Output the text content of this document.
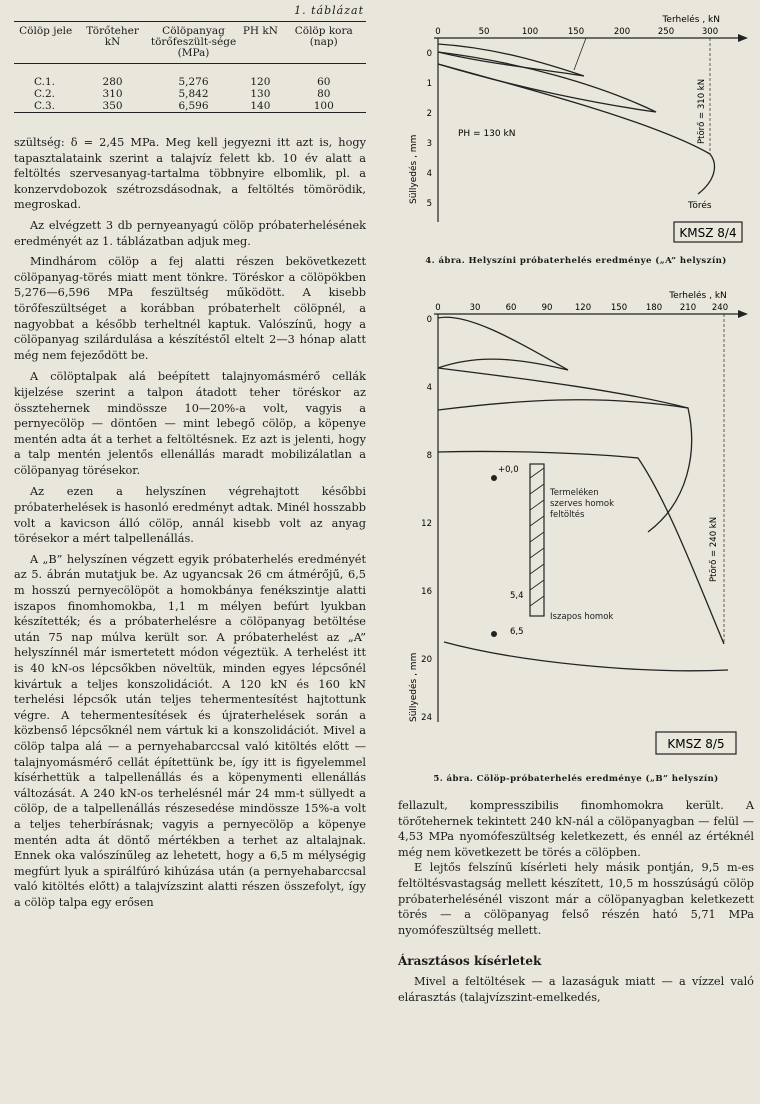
1. táblázat
Cölöp jele	Törőteher kN	Cölöpanyag törőfeszült-sége (MPa)	PH kN	Cölöp kora (nap)
C.1.	280	5,276	120	60
C.2.	310	5,842	130	80
C.3.	350	6,596	140	100

szültség: δ = 2,45 MPa. Meg kell jegyezni itt azt is, hogy tapasztalataink szerint a talajvíz felett kb. 10 év alatt a feltöltés szervesanyag-tartalma többnyire elbomlik, pl. a konzervdobozok szétrozsdásodnak, a feltöltés tömörödik, megroskad.

Az elvégzett 3 db pernyeanyagú cölöp próbaterhelésének eredményét az 1. táblázatban adjuk meg.

Mindhárom cölöp a fej alatti részen bekövetkezett cölöpanyag-törés miatt ment tönkre. Töréskor a cölöpökben 5,276—6,596 MPa feszültség működött. A kisebb törőfeszültséget a korábban próbaterhelt cölöpnél, a nagyobbat a később terheltnél kaptuk. Valószínű, hogy a cölöpanyag szilárdulása a készítéstől eltelt 2—3 hónap alatt még nem fejeződött be.

A cölöptalpak alá beépített talajnyomásmérő cellák kijelzése szerint a talpon átadott teher töréskor az össztehernek mindössze 10—20%-a volt, vagyis a pernyecölöp — döntően — mint lebegő cölöp, a köpenye mentén adta át a terhet a feltöltésnek. Ez azt is jelenti, hogy a talp mentén jelentős ellenállás maradt mobilizálatlan a cölöpanyag törésekor.

Az ezen a helyszínen végrehajtott későbbi próbaterhelések is hasonló eredményt adtak. Minél hosszabb volt a kavicson álló cölöp, annál kisebb volt az anyag törésekor a mért talpellenállás.

A „B” helyszínen végzett egyik próbaterhelés eredményét az 5. ábrán mutatjuk be. Az ugyancsak 26 cm átmérőjű, 6,5 m hosszú pernyecölöpöt a homokbánya fenékszintje alatti iszapos finomhomokba, 1,1 m mélyen befúrt lyukban készítették; és a próbaterhelésre a cölöpanyag betöltése után 75 nap múlva került sor. A próbaterhelést az „A” helyszínnél már ismertetett módon végeztük. A terhelést itt is 40 kN-os lépcsőkben növeltük, minden egyes lépcsőnél kivártuk a teljes konszolidációt. A 120 kN és 160 kN terhelési lépcsők után teljes tehermentesítést hajtottunk végre. A tehermentesítések és újraterhelések során a közbenső lépcsőknél nem vártuk ki a konszolidációt. Mivel a cölöp talpa alá — a pernyehabarccsal való kitöltés előtt — talajnyomásmérő cellát építettünk be, így itt is figyelemmel kísérhettük a talpellenállás és a köpenymenti ellenállás változását. A 240 kN-os terhelésnél már 24 mm-t süllyedt a cölöp, de a talpellenállás részesedése mindössze 15%-a volt a teljes teherbírásnak; vagyis a pernyecölöp a köpenye mentén adta át döntő mértékben a terhet az altalajnak. Ennek oka valószínűleg az lehetett, hogy a 6,5 m mélységig megfúrt lyuk a spirálfúró kihúzása után (a pernyehabarccsal való kitöltés előtt) a talajvízszint alatti részen összefolyt, így a cölöp talpa egy erősen

Terhelés , kN
0	50	100	150	200	250	300
0
1
2
3
4
5
Süllyedés , mm
PH = 130 kN	Ptörő = 310 kN
Törés
KMSZ 8/4
4. ábra. Helyszíni próbaterhelés eredménye („A” helyszín)
Terhelés , kN
0	30	60	90	120 150 180 210 240
0
4
8
12
16
20
24
Süllyedés , mm
Ptörő = 240 kN
+0,0
5,4
6,5
Termeléken szerves homok feltöltés
Iszapos homok
KMSZ 8/5
5. ábra. Cölöp-próbaterhelés eredménye („B” helyszín)

fellazult, kompresszibilis finomhomokra került. A törőtehernek tekintett 240 kN-nál a cölöpanyagban — felül — 4,53 MPa nyomófeszültség keletkezett, és ennél az értéknél még nem következett be törés a cölöpben.

E lejtős felszínű kísérleti hely másik pontján, 9,5 m-es feltöltésvastagság mellett készített, 10,5 m hosszúságú cölöp próbaterhelésénél viszont már a cölöpanyagban keletkezett törés — a cölöpanyag felső részén ható 5,71 MPa nyomófeszültség mellett.

Árasztásos kísérletek

Mivel a feltöltések — a lazaságuk miatt — a vízzel való elárasztás (talajvízszint-emelkedés,
